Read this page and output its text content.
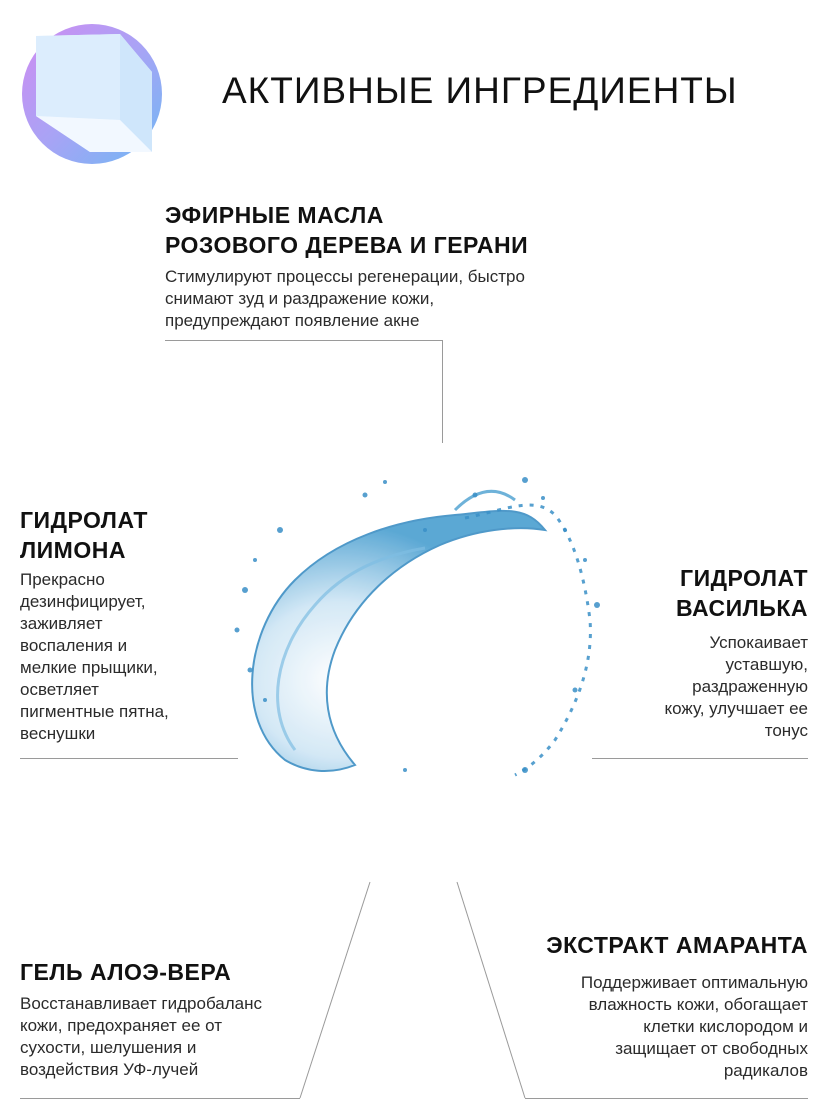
АКТИВНЫЕ ИНГРЕДИЕНТЫ
ЭФИРНЫЕ МАСЛА
РОЗОВОГО ДЕРЕВА И ГЕРАНИ
Стимулируют процессы регенерации, быстро
снимают зуд и раздражение кожи,
предупреждают появление акне
ГИДРОЛАТ
ЛИМОНА
Прекрасно
дезинфицирует,
заживляет
воспаления и
мелкие прыщики,
осветляет
пигментные пятна,
веснушки
ГИДРОЛАТ
ВАСИЛЬКА
Успокаивает
уставшую,
раздраженную
кожу, улучшает ее
тонус
ГЕЛЬ АЛОЭ-ВЕРА
Восстанавливает гидробаланс
кожи, предохраняет ее от
сухости, шелушения и
воздействия УФ-лучей
ЭКСТРАКТ АМАРАНТА
Поддерживает оптимальную
влажность кожи, обогащает
клетки кислородом и
защищает от свободных
радикалов
